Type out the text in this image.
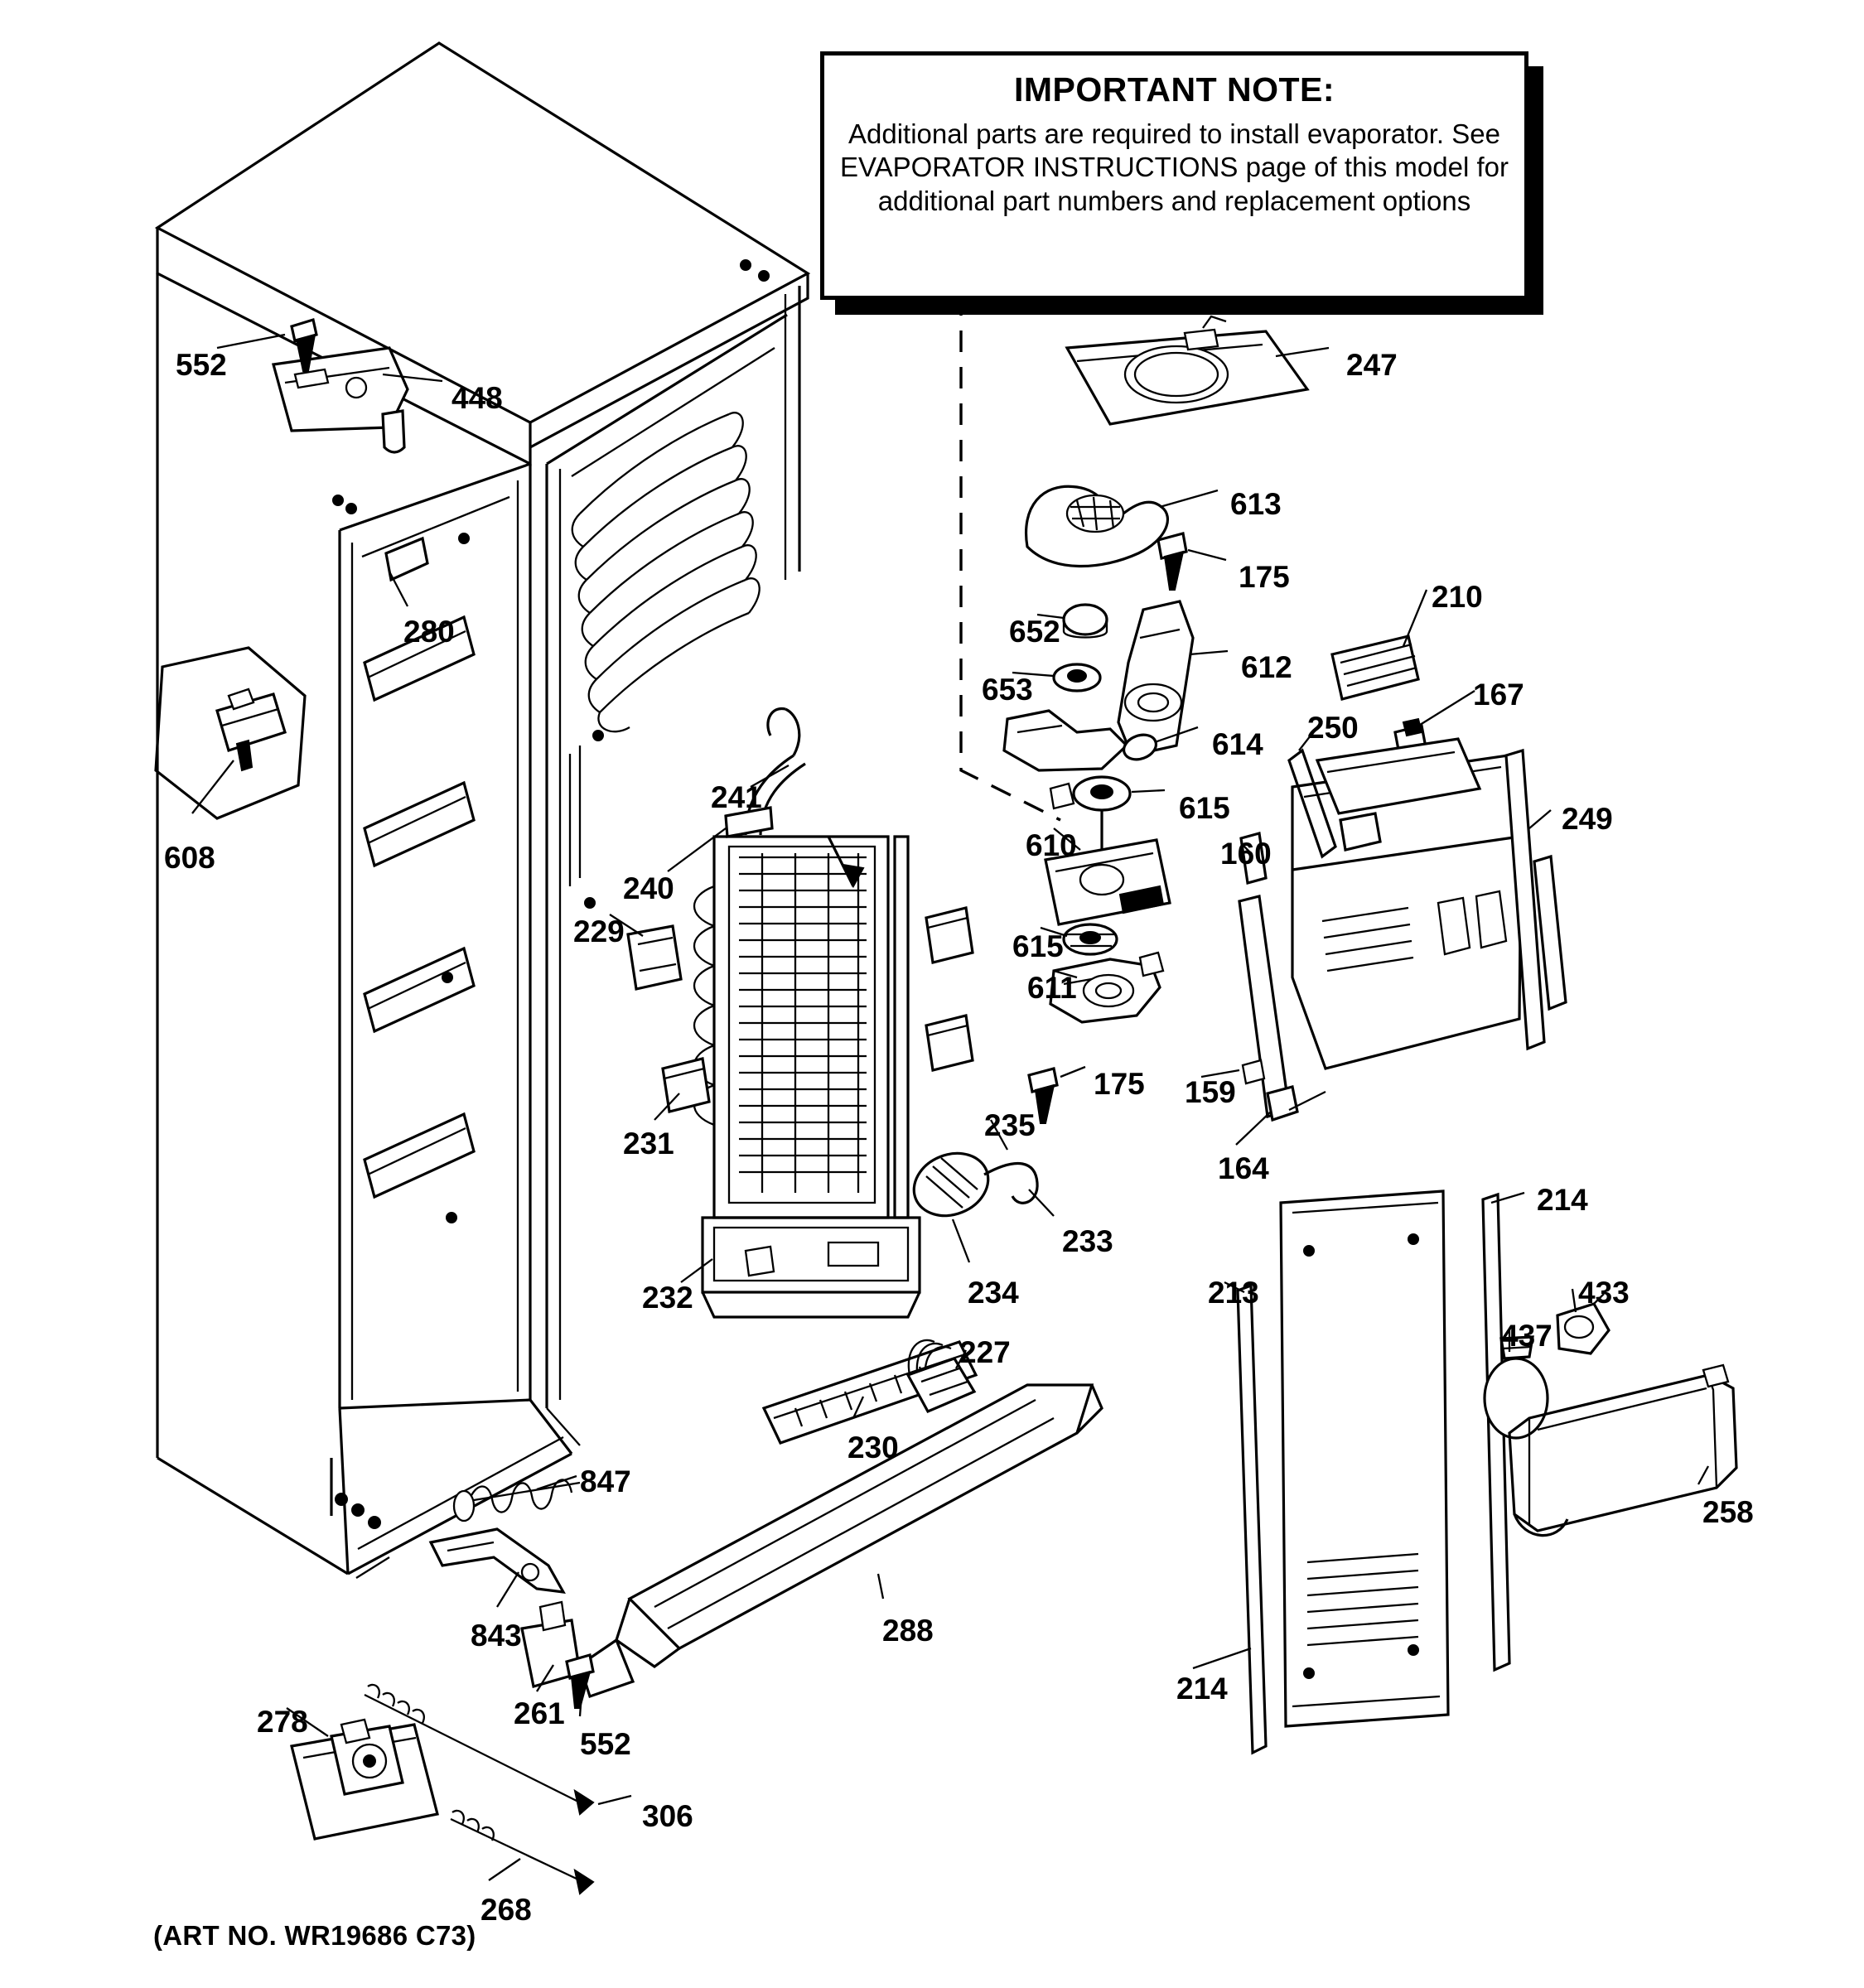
IMPORTANT NOTE:
Additional parts are required to install evaporator. See EVAPORATOR INSTRUCTIONS page of this model for additional part numbers and replacement options
552
448
280
608
241
240
229
231
232
230
227
288
847
843
261
552
278
268
306
234
233
235
175
247
613
175
652
653
612
614
615
610
615
611
210
250
167
249
160
159
164
213
214
214
437
433
258
(ART NO. WR19686 C73)
